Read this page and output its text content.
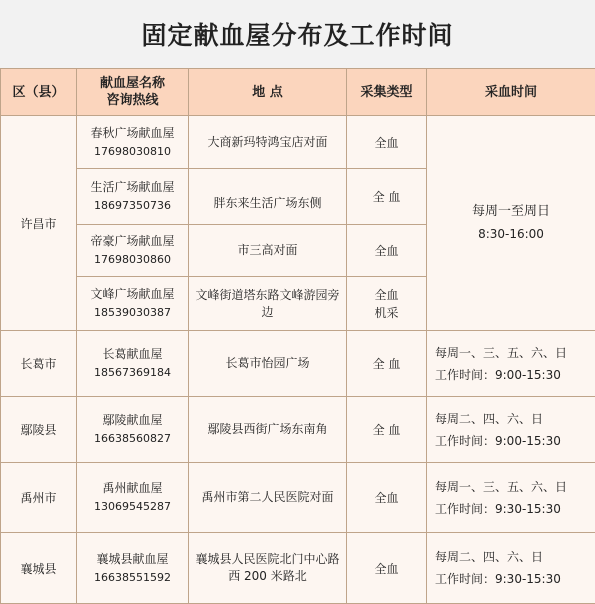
固定献血屋分布及工作时间
区（县）	献血屋名称
咨询热线	地 点	采集类型	采血时间
许昌市	春秋广场献血屋
17698030810	大商新玛特鸿宝店对面	全血	每周一至周日
8:30-16:00

	生活广场献血屋
18697350736	胖东来生活广场东侧	全 血	

	帝豪广场献血屋
17698030860	市三高对面	全血	

	文峰广场献血屋
18539030387	文峰街道塔东路文峰游园旁边	全血
机采	

长葛市	长葛献血屋
18567369184	长葛市怡园广场	全 血	每周一、三、五、六、日
工作时间：9:00-15:30

鄢陵县	鄢陵献血屋
16638560827	鄢陵县西街广场东南角	全 血	每周二、四、六、日
工作时间：9:00-15:30

禹州市	禹州献血屋
13069545287	禹州市第二人民医院对面	全血	每周一、三、五、六、日
工作时间：9:30-15:30

襄城县	襄城县献血屋
16638551592	襄城县人民医院北门中心路西 200 米路北	全血	每周二、四、六、日
工作时间：9:30-15:30
